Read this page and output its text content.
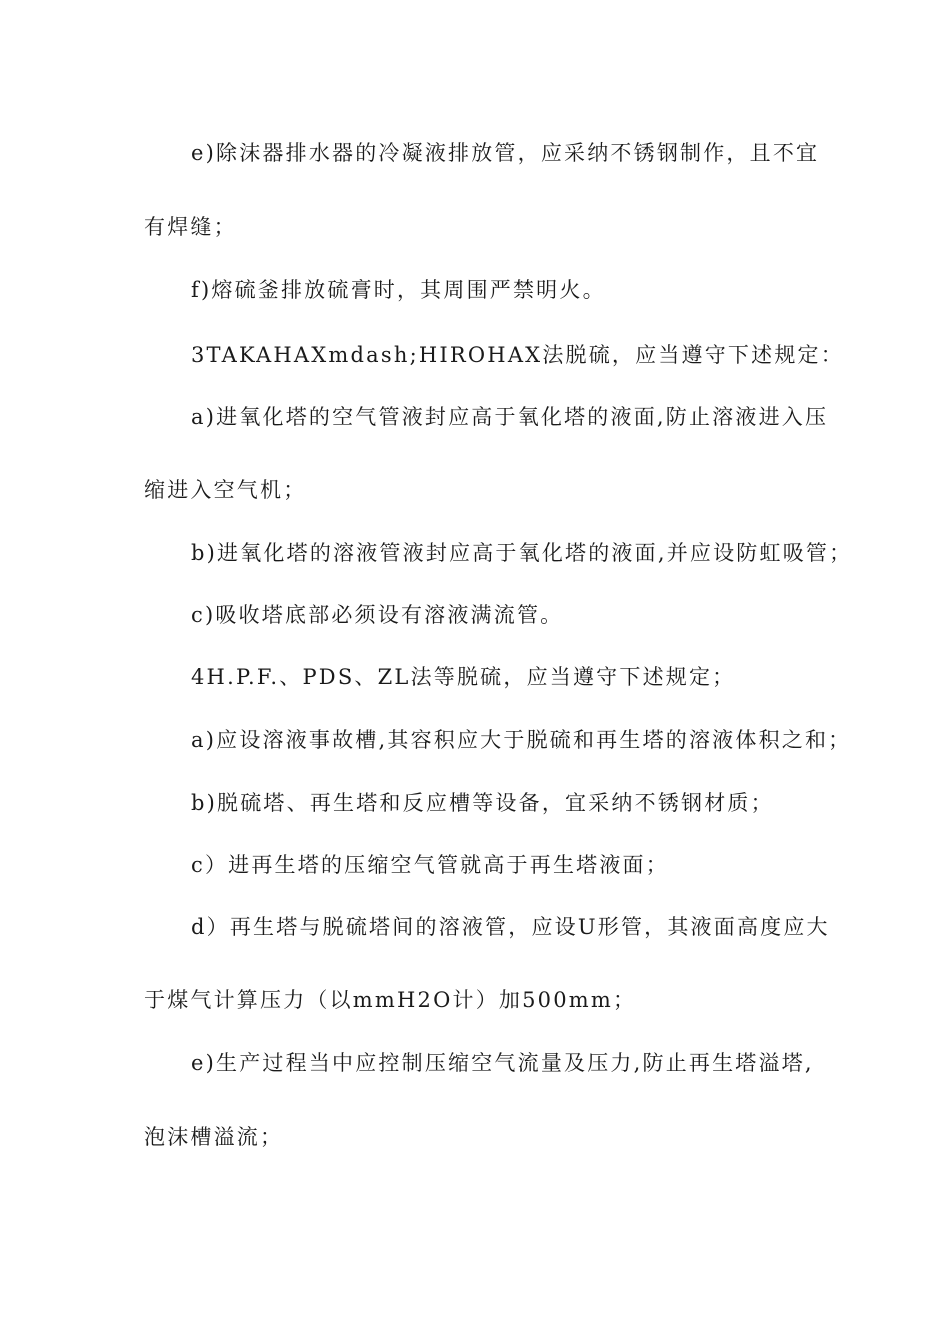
e)除沫器排水器的冷凝液排放管，应采纳不锈钢制作，且不宜
有焊缝；
f)熔硫釜排放硫膏时，其周围严禁明火。
3TAKAHAXmdash;HIROHAX法脱硫，应当遵守下述规定：
a)进氧化塔的空气管液封应高于氧化塔的液面,防止溶液进入压
缩进入空气机；
b)进氧化塔的溶液管液封应高于氧化塔的液面,并应设防虹吸管；
c)吸收塔底部必须设有溶液满流管。
4H.P.F.、PDS、ZL法等脱硫，应当遵守下述规定；
a)应设溶液事故槽,其容积应大于脱硫和再生塔的溶液体积之和；
b)脱硫塔、再生塔和反应槽等设备，宜采纳不锈钢材质；
c）进再生塔的压缩空气管就高于再生塔液面；
d）再生塔与脱硫塔间的溶液管，应设U形管，其液面高度应大
于煤气计算压力（以mmH2O计）加500mm；
e)生产过程当中应控制压缩空气流量及压力,防止再生塔溢塔,
泡沫槽溢流；
